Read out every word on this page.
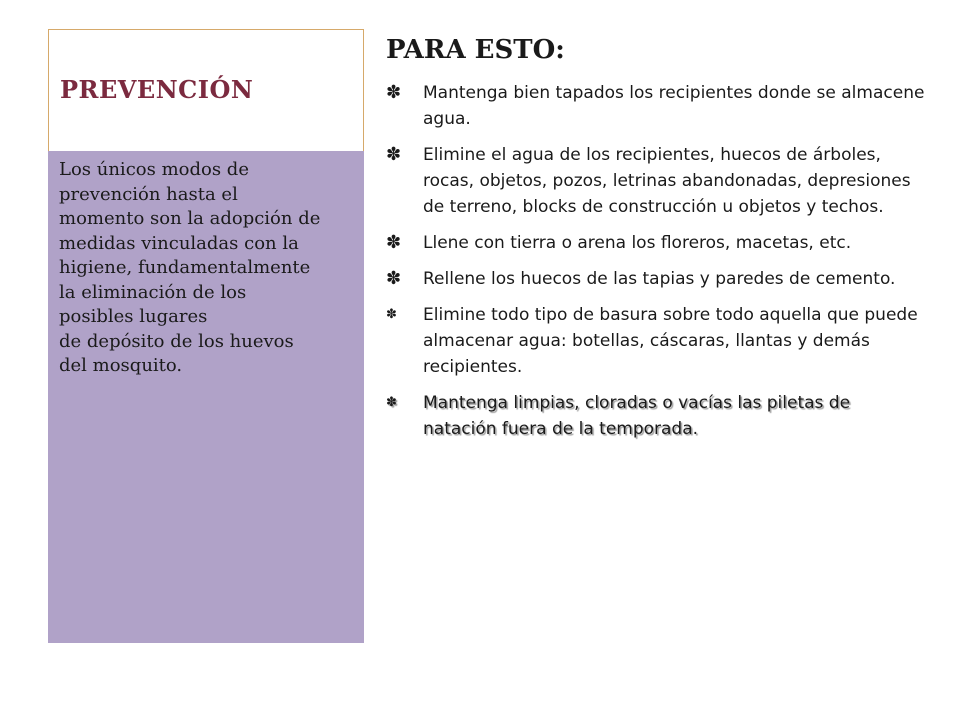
PREVENCIÓN
Los únicos modos de
prevención hasta el
momento son la adopción de
medidas vinculadas con la
higiene, fundamentalmente
la eliminación de los
posibles lugares
de depósito de los huevos
del mosquito.
PARA ESTO:
✽ Mantenga bien tapados los recipientes donde se almacene agua.
✽ Elimine el agua de los recipientes, huecos de árboles, rocas, objetos, pozos, letrinas abandonadas, depresiones de terreno, blocks de construcción u objetos y techos.
✽ Llene con tierra o arena los floreros, macetas, etc.
✽ Rellene los huecos de las tapias y paredes de cemento.
✽	Elimine todo tipo de basura sobre todo aquella que puede almacenar agua: botellas, cáscaras, llantas y demás recipientes.
✽	Mantenga limpias, cloradas o vacías las piletas de natación fuera de la temporada.
